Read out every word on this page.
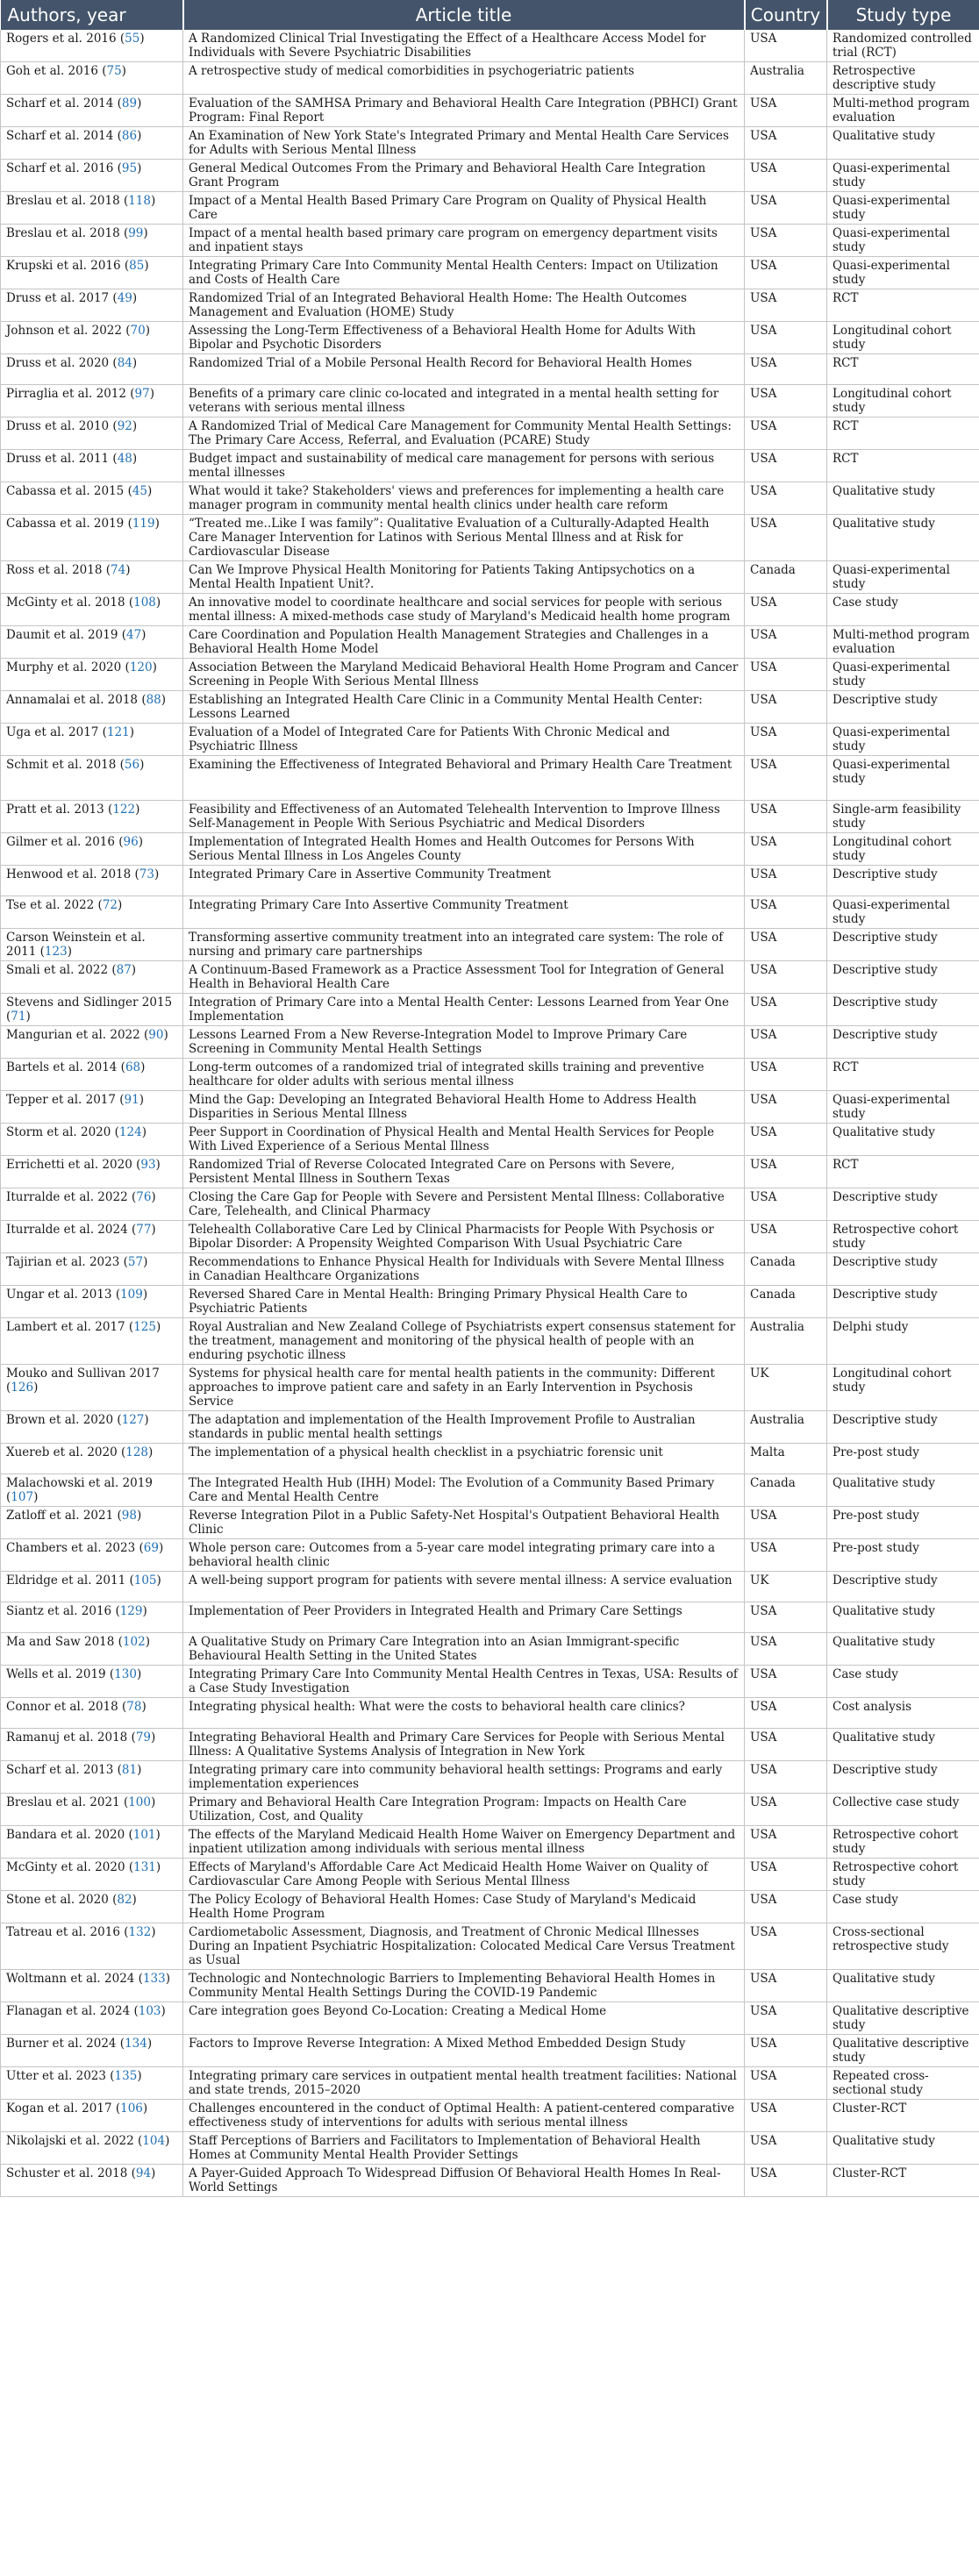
Authors, year	Article title	Country	Study type
Rogers et al. 2016 (55)	A Randomized Clinical Trial Investigating the Effect of a Healthcare Access Model for Individuals with Severe Psychiatric Disabilities	USA	Randomized controlled trial (RCT)
Goh et al. 2016 (75)	A retrospective study of medical comorbidities in psychogeriatric patients	Australia	Retrospective descriptive study
Scharf et al. 2014 (89)	Evaluation of the SAMHSA Primary and Behavioral Health Care Integration (PBHCI) Grant Program: Final Report	USA	Multi-method program evaluation
Scharf et al. 2014 (86)	An Examination of New York State's Integrated Primary and Mental Health Care Services for Adults with Serious Mental Illness	USA	Qualitative study
Scharf et al. 2016 (95)	General Medical Outcomes From the Primary and Behavioral Health Care Integration Grant Program	USA	Quasi-experimental study
Breslau et al. 2018 (118)	Impact of a Mental Health Based Primary Care Program on Quality of Physical Health Care	USA	Quasi-experimental study
Breslau et al. 2018 (99)	Impact of a mental health based primary care program on emergency department visits and inpatient stays	USA	Quasi-experimental study
Krupski et al. 2016 (85)	Integrating Primary Care Into Community Mental Health Centers: Impact on Utilization and Costs of Health Care	USA	Quasi-experimental study
Druss et al. 2017 (49)	Randomized Trial of an Integrated Behavioral Health Home: The Health Outcomes Management and Evaluation (HOME) Study	USA	RCT
Johnson et al. 2022 (70)	Assessing the Long-Term Effectiveness of a Behavioral Health Home for Adults With Bipolar and Psychotic Disorders	USA	Longitudinal cohort study
Druss et al. 2020 (84)	Randomized Trial of a Mobile Personal Health Record for Behavioral Health Homes	USA	RCT
Pirraglia et al. 2012 (97)	Benefits of a primary care clinic co-located and integrated in a mental health setting for veterans with serious mental illness	USA	Longitudinal cohort study
Druss et al. 2010 (92)	A Randomized Trial of Medical Care Management for Community Mental Health Settings: The Primary Care Access, Referral, and Evaluation (PCARE) Study	USA	RCT
Druss et al. 2011 (48)	Budget impact and sustainability of medical care management for persons with serious mental illnesses	USA	RCT
Cabassa et al. 2015 (45)	What would it take? Stakeholders' views and preferences for implementing a health care manager program in community mental health clinics under health care reform	USA	Qualitative study
Cabassa et al. 2019 (119)	“Treated me..Like I was family”: Qualitative Evaluation of a Culturally-Adapted Health Care Manager Intervention for Latinos with Serious Mental Illness and at Risk for Cardiovascular Disease	USA	Qualitative study
Ross et al. 2018 (74)	Can We Improve Physical Health Monitoring for Patients Taking Antipsychotics on a Mental Health Inpatient Unit?.	Canada	Quasi-experimental study
McGinty et al. 2018 (108)	An innovative model to coordinate healthcare and social services for people with serious mental illness: A mixed-methods case study of Maryland's Medicaid health home program	USA	Case study
Daumit et al. 2019 (47)	Care Coordination and Population Health Management Strategies and Challenges in a Behavioral Health Home Model	USA	Multi-method program evaluation
Murphy et al. 2020 (120)	Association Between the Maryland Medicaid Behavioral Health Home Program and Cancer Screening in People With Serious Mental Illness	USA	Quasi-experimental study
Annamalai et al. 2018 (88)	Establishing an Integrated Health Care Clinic in a Community Mental Health Center: Lessons Learned	USA	Descriptive study
Uga et al. 2017 (121)	Evaluation of a Model of Integrated Care for Patients With Chronic Medical and Psychiatric Illness	USA	Quasi-experimental study
Schmit et al. 2018 (56)	Examining the Effectiveness of Integrated Behavioral and Primary Health Care Treatment	USA	Quasi-experimental study
Pratt et al. 2013 (122)	Feasibility and Effectiveness of an Automated Telehealth Intervention to Improve Illness Self-Management in People With Serious Psychiatric and Medical Disorders	USA	Single-arm feasibility study
Gilmer et al. 2016 (96)	Implementation of Integrated Health Homes and Health Outcomes for Persons With Serious Mental Illness in Los Angeles County	USA	Longitudinal cohort study
Henwood et al. 2018 (73)	Integrated Primary Care in Assertive Community Treatment	USA	Descriptive study
Tse et al. 2022 (72)	Integrating Primary Care Into Assertive Community Treatment	USA	Quasi-experimental study
Carson Weinstein et al. 2011 (123)	Transforming assertive community treatment into an integrated care system: The role of nursing and primary care partnerships	USA	Descriptive study
Smali et al. 2022 (87)	A Continuum-Based Framework as a Practice Assessment Tool for Integration of General Health in Behavioral Health Care	USA	Descriptive study
Stevens and Sidlinger 2015 (71)	Integration of Primary Care into a Mental Health Center: Lessons Learned from Year One Implementation	USA	Descriptive study
Mangurian et al. 2022 (90)	Lessons Learned From a New Reverse-Integration Model to Improve Primary Care Screening in Community Mental Health Settings	USA	Descriptive study
Bartels et al. 2014 (68)	Long-term outcomes of a randomized trial of integrated skills training and preventive healthcare for older adults with serious mental illness	USA	RCT
Tepper et al. 2017 (91)	Mind the Gap: Developing an Integrated Behavioral Health Home to Address Health Disparities in Serious Mental Illness	USA	Quasi-experimental study
Storm et al. 2020 (124)	Peer Support in Coordination of Physical Health and Mental Health Services for People With Lived Experience of a Serious Mental Illness	USA	Qualitative study
Errichetti et al. 2020 (93)	Randomized Trial of Reverse Colocated Integrated Care on Persons with Severe, Persistent Mental Illness in Southern Texas	USA	RCT
Iturralde et al. 2022 (76)	Closing the Care Gap for People with Severe and Persistent Mental Illness: Collaborative Care, Telehealth, and Clinical Pharmacy	USA	Descriptive study
Iturralde et al. 2024 (77)	Telehealth Collaborative Care Led by Clinical Pharmacists for People With Psychosis or Bipolar Disorder: A Propensity Weighted Comparison With Usual Psychiatric Care	USA	Retrospective cohort study
Tajirian et al. 2023 (57)	Recommendations to Enhance Physical Health for Individuals with Severe Mental Illness in Canadian Healthcare Organizations	Canada	Descriptive study
Ungar et al. 2013 (109)	Reversed Shared Care in Mental Health: Bringing Primary Physical Health Care to Psychiatric Patients	Canada	Descriptive study
Lambert et al. 2017 (125)	Royal Australian and New Zealand College of Psychiatrists expert consensus statement for the treatment, management and monitoring of the physical health of people with an enduring psychotic illness	Australia	Delphi study
Mouko and Sullivan 2017 (126)	Systems for physical health care for mental health patients in the community: Different approaches to improve patient care and safety in an Early Intervention in Psychosis Service	UK	Longitudinal cohort study
Brown et al. 2020 (127)	The adaptation and implementation of the Health Improvement Profile to Australian standards in public mental health settings	Australia	Descriptive study
Xuereb et al. 2020 (128)	The implementation of a physical health checklist in a psychiatric forensic unit	Malta	Pre-post study
Malachowski et al. 2019 (107)	The Integrated Health Hub (IHH) Model: The Evolution of a Community Based Primary Care and Mental Health Centre	Canada	Qualitative study
Zatloff et al. 2021 (98)	Reverse Integration Pilot in a Public Safety-Net Hospital's Outpatient Behavioral Health Clinic	USA	Pre-post study
Chambers et al. 2023 (69)	Whole person care: Outcomes from a 5-year care model integrating primary care into a behavioral health clinic	USA	Pre-post study
Eldridge et al. 2011 (105)	A well-being support program for patients with severe mental illness: A service evaluation	UK	Descriptive study
Siantz et al. 2016 (129)	Implementation of Peer Providers in Integrated Health and Primary Care Settings	USA	Qualitative study
Ma and Saw 2018 (102)	A Qualitative Study on Primary Care Integration into an Asian Immigrant-specific Behavioural Health Setting in the United States	USA	Qualitative study
Wells et al. 2019 (130)	Integrating Primary Care Into Community Mental Health Centres in Texas, USA: Results of a Case Study Investigation	USA	Case study
Connor et al. 2018 (78)	Integrating physical health: What were the costs to behavioral health care clinics?	USA	Cost analysis
Ramanuj et al. 2018 (79)	Integrating Behavioral Health and Primary Care Services for People with Serious Mental Illness: A Qualitative Systems Analysis of Integration in New York	USA	Qualitative study
Scharf et al. 2013 (81)	Integrating primary care into community behavioral health settings: Programs and early implementation experiences	USA	Descriptive study
Breslau et al. 2021 (100)	Primary and Behavioral Health Care Integration Program: Impacts on Health Care Utilization, Cost, and Quality	USA	Collective case study
Bandara et al. 2020 (101)	The effects of the Maryland Medicaid Health Home Waiver on Emergency Department and inpatient utilization among individuals with serious mental illness	USA	Retrospective cohort study
McGinty et al. 2020 (131)	Effects of Maryland's Affordable Care Act Medicaid Health Home Waiver on Quality of Cardiovascular Care Among People with Serious Mental Illness	USA	Retrospective cohort study
Stone et al. 2020 (82)	The Policy Ecology of Behavioral Health Homes: Case Study of Maryland's Medicaid Health Home Program	USA	Case study
Tatreau et al. 2016 (132)	Cardiometabolic Assessment, Diagnosis, and Treatment of Chronic Medical Illnesses During an Inpatient Psychiatric Hospitalization: Colocated Medical Care Versus Treatment as Usual	USA	Cross-sectional retrospective study
Woltmann et al. 2024 (133)	Technologic and Nontechnologic Barriers to Implementing Behavioral Health Homes in Community Mental Health Settings During the COVID-19 Pandemic	USA	Qualitative study
Flanagan et al. 2024 (103)	Care integration goes Beyond Co-Location: Creating a Medical Home	USA	Qualitative descriptive study
Burner et al. 2024 (134)	Factors to Improve Reverse Integration: A Mixed Method Embedded Design Study	USA	Qualitative descriptive study
Utter et al. 2023 (135)	Integrating primary care services in outpatient mental health treatment facilities: National and state trends, 2015–2020	USA	Repeated cross-sectional study
Kogan et al. 2017 (106)	Challenges encountered in the conduct of Optimal Health: A patient-centered comparative effectiveness study of interventions for adults with serious mental illness	USA	Cluster-RCT
Nikolajski et al. 2022 (104)	Staff Perceptions of Barriers and Facilitators to Implementation of Behavioral Health Homes at Community Mental Health Provider Settings	USA	Qualitative study
Schuster et al. 2018 (94)	A Payer-Guided Approach To Widespread Diffusion Of Behavioral Health Homes In Real-World Settings	USA	Cluster-RCT
